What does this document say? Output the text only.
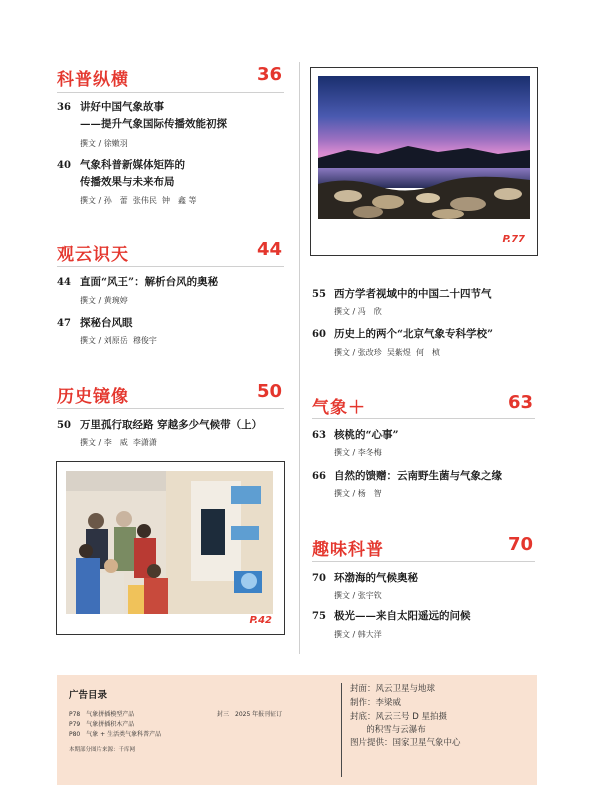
科普纵横	36
36 讲好中国气象故事
——提升气象国际传播效能初探
撰文 / 徐嫩羽
40 气象科普新媒体矩阵的
传播效果与未来布局
撰文 / 孙　蕾  张伟民  钟　鑫 等
观云识天	44
44 直面“风王”：解析台风的奥秘
撰文 / 黄琬婷
47 探秘台风眼
撰文 / 刘原岳  穆俊宇
历史镜像	50
50 万里孤行取经路 穿越多少气候带（上）
撰文 / 李　威  李潇潇
P.42
P.77
55 西方学者视域中的中国二十四节气
撰文 / 冯　欣
60 历史上的两个“北京气象专科学校”
撰文 / 张改珍  吴紫煜  何　桢
气象＋	63
63 核桃的“心事”
撰文 / 李冬梅
66 自然的馈赠：云南野生菌与气象之缘
撰文 / 杨　智
趣味科普	70
70 环渤海的气候奥秘
撰文 / 张宇钦
75 极光——来自太阳遥远的问候
撰文 / 韩大洋
广告目录
P78　气象拼插模型产品
P79　气象拼插积木产品
P80　气象 + 生活类气象科普产品
封三　2025 年报刊征订
本期部分图片来源：千库网
封面：风云卫星与地球
制作：李梁威
封底：风云三号 D 星拍摄
的积雪与云瀑布
图片提供：国家卫星气象中心
